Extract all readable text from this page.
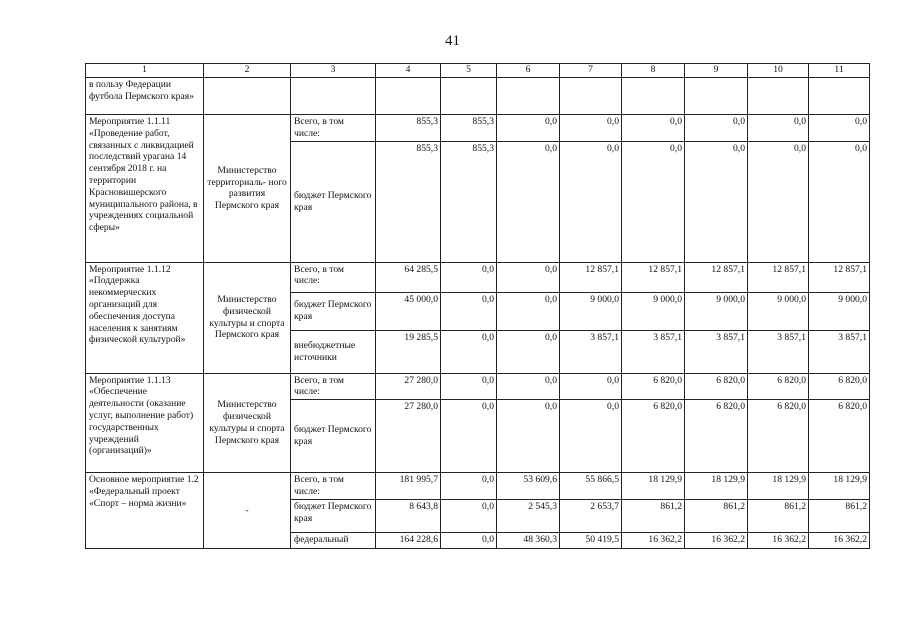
41
1	2	3	4	5	6	7	8	9	10	11
в пользу Федерации футбола Пермского края»										
Мероприятие 1.1.11 «Проведение работ, связанных с ликвидацией последствий урагана 14 сентября 2018 г. на территории Красновишерского муниципального района, в учреждениях социальной сферы»	Министерство территориаль- ного развития Пермского края	Всего, в том числе:	855,3	855,3	0,0	0,0	0,0	0,0	0,0	0,0
		бюджет Пермского края	855,3	855,3	0,0	0,0	0,0	0,0	0,0	0,0
Мероприятие 1.1.12 «Поддержка некоммерческих организаций для обеспечения доступа населения к занятиям физической культурой»	Министерство физической культуры и спорта Пермского края	Всего, в том числе:	64 285,5	0,0	0,0	12 857,1	12 857,1	12 857,1	12 857,1	12 857,1
		бюджет Пермского края	45 000,0	0,0	0,0	9 000,0	9 000,0	9 000,0	9 000,0	9 000,0
		внебюджетные источники	19 285,5	0,0	0,0	3 857,1	3 857,1	3 857,1	3 857,1	3 857,1
Мероприятие 1.1.13 «Обеспечение деятельности (оказание услуг, выполнение работ) государственных учреждений (организаций)»	Министерство физической культуры и спорта Пермского края	Всего, в том числе:	27 280,0	0,0	0,0	0,0	6 820,0	6 820,0	6 820,0	6 820,0
		бюджет Пермского края	27 280,0	0,0	0,0	0,0	6 820,0	6 820,0	6 820,0	6 820,0
Основное мероприятие 1.2 «Федеральный проект «Спорт – норма жизни»	-	Всего, в том числе:	181 995,7	0,0	53 609,6	55 866,5	18 129,9	18 129,9	18 129,9	18 129,9
		бюджет Пермского края	8 643,8	0,0	2 545,3	2 653,7	861,2	861,2	861,2	861,2
		федеральный	164 228,6	0,0	48 360,3	50 419,5	16 362,2	16 362,2	16 362,2	16 362,2
